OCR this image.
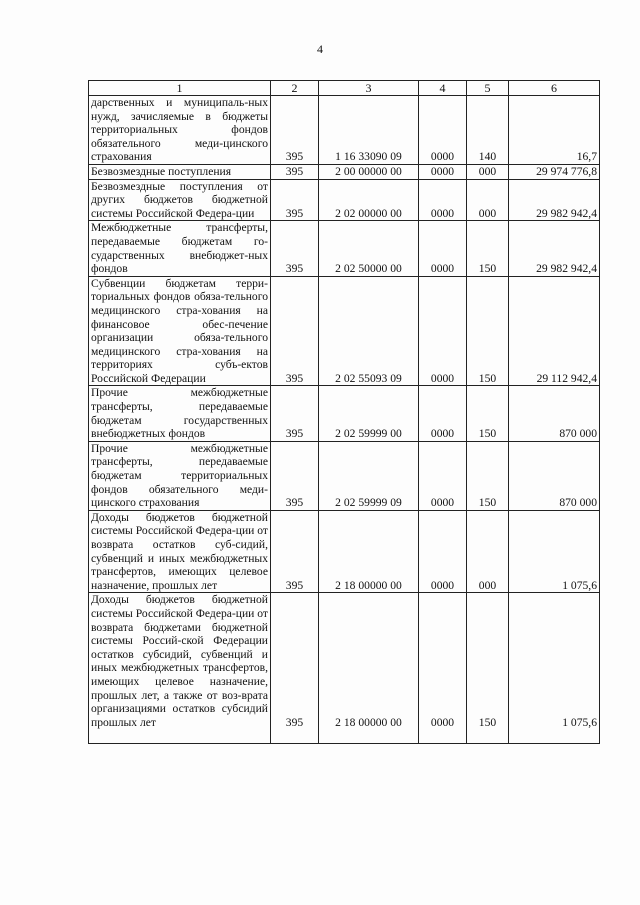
4
1	2	3	4	5	6
дарственных и муниципаль-ных нужд, зачисляемые в бюджеты территориальных фондов обязательного меди-цинского страхования	395	1 16 33090 09	0000	140	16,7
Безвозмездные поступления	395	2 00 00000 00	0000	000	29 974 776,8
Безвозмездные поступления от других бюджетов бюджетной системы Российской Федера-ции	395	2 02 00000 00	0000	000	29 982 942,4
Межбюджетные трансферты, передаваемые бюджетам го-сударственных внебюджет-ных фондов	395	2 02 50000 00	0000	150	29 982 942,4
Субвенции бюджетам терри-ториальных фондов обяза-тельного медицинского стра-хования на финансовое обес-печение организации обяза-тельного медицинского стра-хования на территориях субъ-ектов Российской Федерации	395	2 02 55093 09	0000	150	29 112 942,4
Прочие межбюджетные трансферты, передаваемые бюджетам государственных внебюджетных фондов	395	2 02 59999 00	0000	150	870 000
Прочие межбюджетные трансферты, передаваемые бюджетам территориальных фондов обязательного меди-цинского страхования	395	2 02 59999 09	0000	150	870 000
Доходы бюджетов бюджетной системы Российской Федера-ции от возврата остатков суб-сидий, субвенций и иных межбюджетных трансфертов, имеющих целевое назначение, прошлых лет	395	2 18 00000 00	0000	000	1 075,6
Доходы бюджетов бюджетной системы Российской Федера-ции от возврата бюджетами бюджетной системы Россий-ской Федерации остатков субсидий, субвенций и иных межбюджетных трансфертов, имеющих целевое назначение, прошлых лет, а также от воз-врата организациями остатков субсидий прошлых лет	395	2 18 00000 00	0000	150	1 075,6
